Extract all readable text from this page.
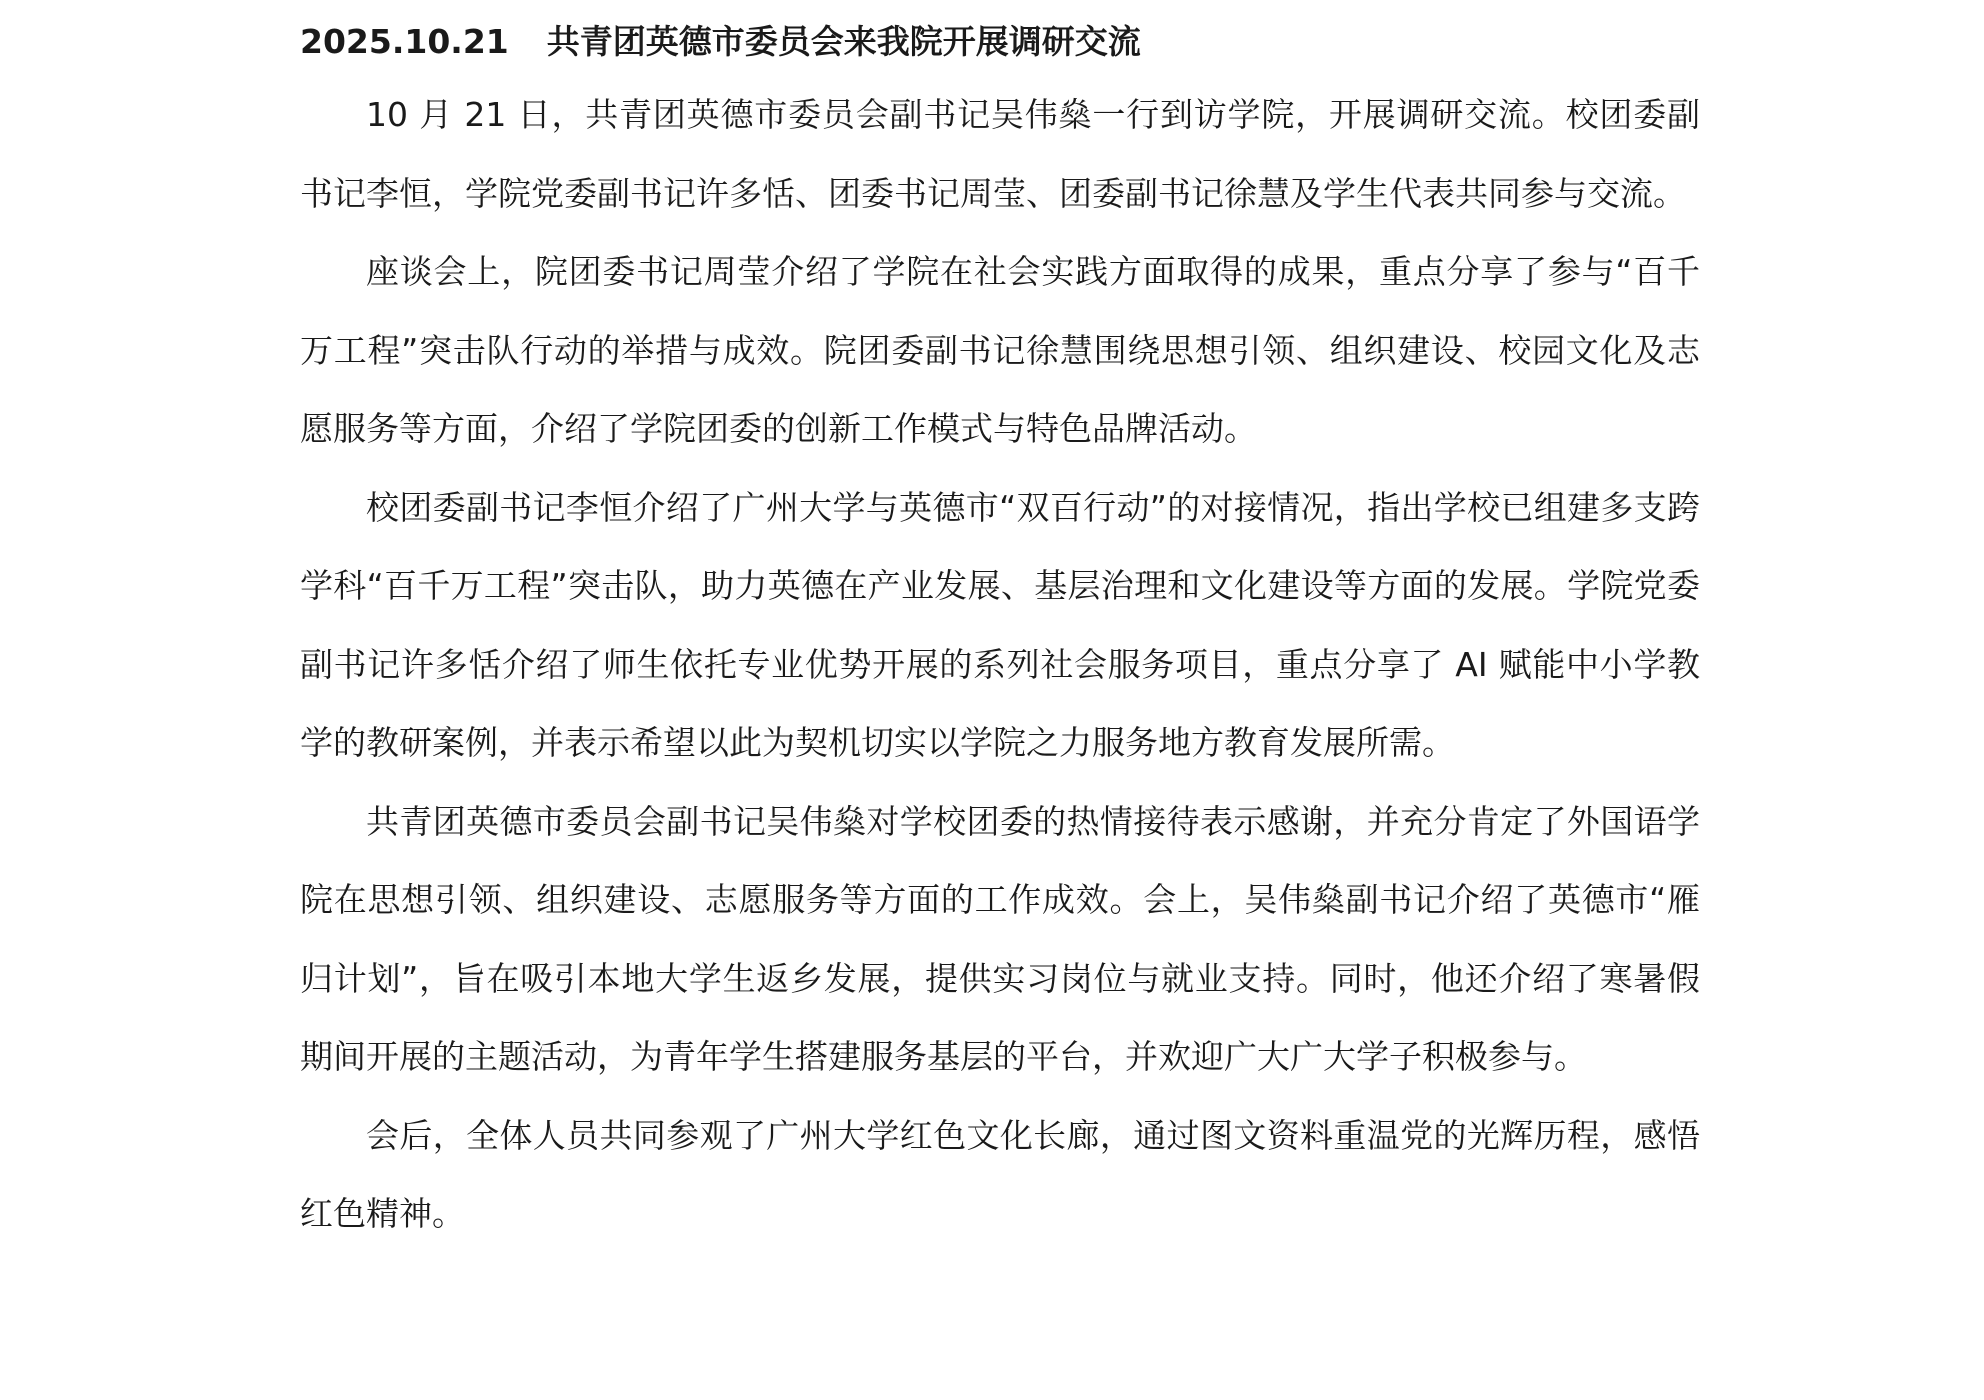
2025.10.21 共青团英德市委员会来我院开展调研交流

10 月 21 日，共青团英德市委员会副书记吴伟燊一行到访学院，开展调研交流。校团委副书记李恒，学院党委副书记许多恬、团委书记周莹、团委副书记徐慧及学生代表共同参与交流。

座谈会上，院团委书记周莹介绍了学院在社会实践方面取得的成果，重点分享了参与“百千万工程”突击队行动的举措与成效。院团委副书记徐慧围绕思想引领、组织建设、校园文化及志愿服务等方面，介绍了学院团委的创新工作模式与特色品牌活动。

校团委副书记李恒介绍了广州大学与英德市“双百行动”的对接情况，指出学校已组建多支跨学科“百千万工程”突击队，助力英德在产业发展、基层治理和文化建设等方面的发展。学院党委副书记许多恬介绍了师生依托专业优势开展的系列社会服务项目，重点分享了 AI 赋能中小学教学的教研案例，并表示希望以此为契机切实以学院之力服务地方教育发展所需。

共青团英德市委员会副书记吴伟燊对学校团委的热情接待表示感谢，并充分肯定了外国语学院在思想引领、组织建设、志愿服务等方面的工作成效。会上，吴伟燊副书记介绍了英德市“雁归计划”，旨在吸引本地大学生返乡发展，提供实习岗位与就业支持。同时，他还介绍了寒暑假期间开展的主题活动，为青年学生搭建服务基层的平台，并欢迎广大广大学子积极参与。

会后，全体人员共同参观了广州大学红色文化长廊，通过图文资料重温党的光辉历程，感悟红色精神。
